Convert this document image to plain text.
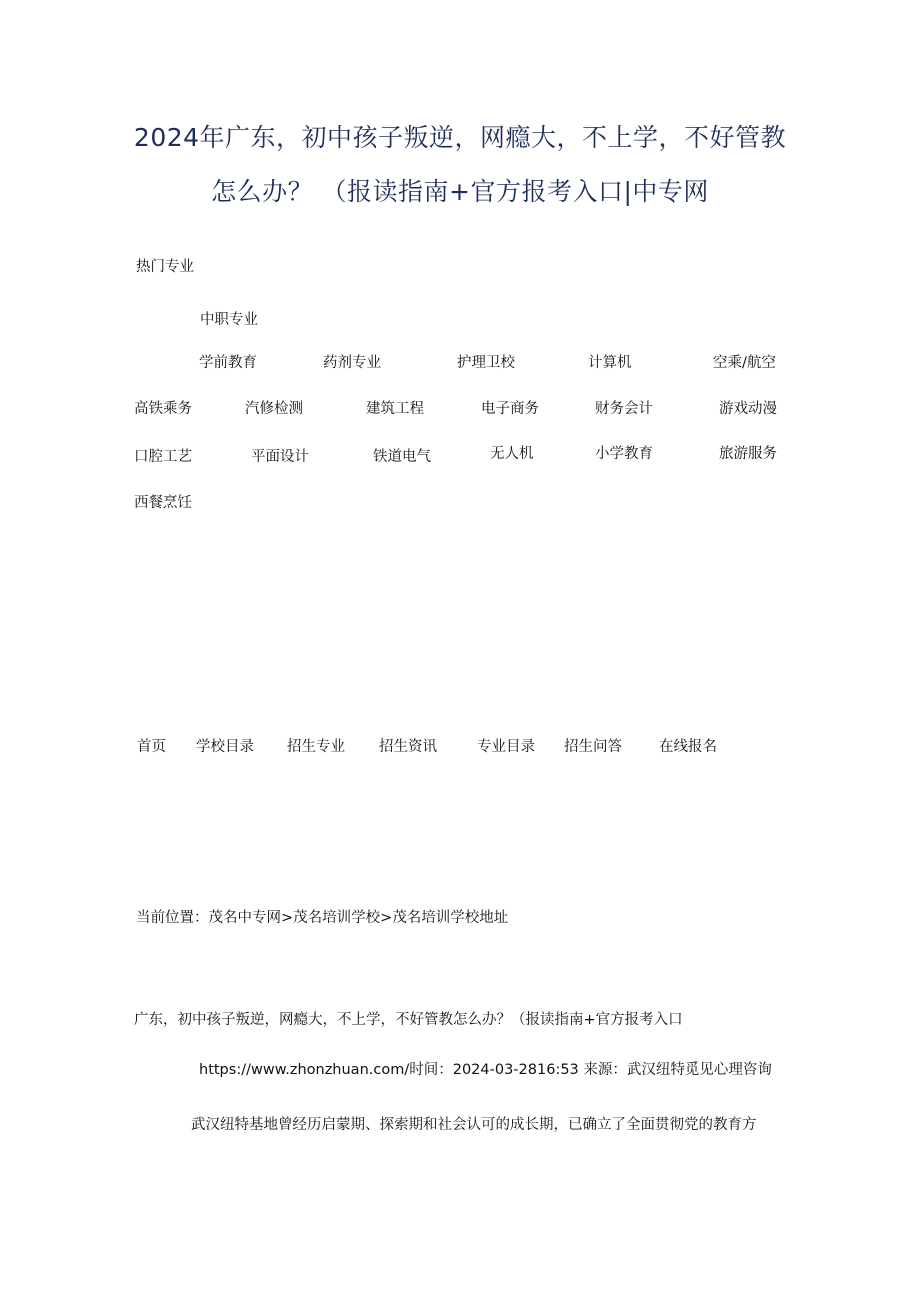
2024年广东，初中孩子叛逆，网瘾大，不上学，不好管教
怎么办？ （报读指南+官方报考入口|中专网
热门专业
中职专业
学前教育	药剂专业	护理卫校	计算机	空乘/航空
高铁乘务	汽修检测	建筑工程	电子商务	财务会计	游戏动漫
口腔工艺	平面设计	铁道电气	无人机	小学教育	旅游服务
西餐烹饪
首页 学校目录 招生专业 招生资讯	专业目录 招生问答	在线报名
当前位置：茂名中专网>茂名培训学校>茂名培训学校地址
广东，初中孩子叛逆，网瘾大，不上学，不好管教怎么办？（报读指南+官方报考入口
https://www.zhonzhuan.com/时间：2024-03-2816:53 来源：武汉纽特觅见心理咨询
武汉纽特基地曾经历启蒙期、探索期和社会认可的成长期，已确立了全面贯彻党的教育方
